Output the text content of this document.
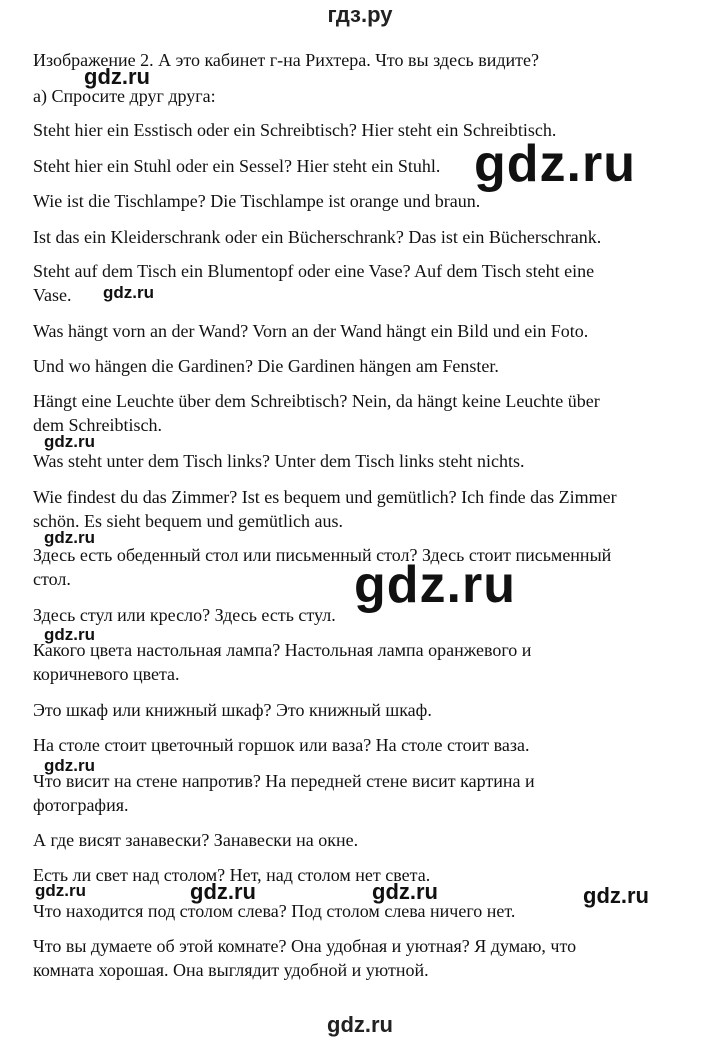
гдз.ру
Изображение 2. А это кабинет г-на Рихтера. Что вы здесь видите?
а) Спросите друг друга:
Steht hier ein Esstisch oder ein Schreibtisch? Hier steht ein Schreibtisch.
Steht hier ein Stuhl oder ein Sessel? Hier steht ein Stuhl.
Wie ist die Tischlampe? Die Tischlampe ist orange und braun.
Ist das ein Kleiderschrank oder ein Bücherschrank? Das ist ein Bücherschrank.
Steht auf dem Tisch ein Blumentopf oder eine Vase? Auf dem Tisch steht eine
Vase.
Was hängt vorn an der Wand? Vorn an der Wand hängt ein Bild und ein Foto.
Und wo hängen die Gardinen? Die Gardinen hängen am Fenster.
Hängt eine Leuchte über dem Schreibtisch? Nein, da hängt keine Leuchte über
dem Schreibtisch.
Was steht unter dem Tisch links? Unter dem Tisch links steht nichts.
Wie findest du das Zimmer? Ist es bequem und gemütlich? Ich finde das Zimmer
schön. Es sieht bequem und gemütlich aus.
Здесь есть обеденный стол или письменный стол? Здесь стоит письменный
стол.
Здесь стул или кресло? Здесь есть стул.
Какого цвета настольная лампа? Настольная лампа оранжевого и
коричневого цвета.
Это шкаф или книжный шкаф? Это книжный шкаф.
На столе стоит цветочный горшок или ваза? На столе стоит ваза.
Что висит на стене напротив? На передней стене висит картина и
фотография.
А где висят занавески? Занавески на окне.
Есть ли свет над столом? Нет, над столом нет света.
Что находится под столом слева? Под столом слева ничего нет.
Что вы думаете об этой комнате? Она удобная и уютная? Я думаю, что
комната хорошая. Она выглядит удобной и уютной.
gdz.ru
gdz.ru
gdz.ru
gdz.ru
gdz.ru
gdz.ru
gdz.ru
gdz.ru
gdz.ru	gdz.ru	gdz.ru	gdz.ru
gdz.ru
